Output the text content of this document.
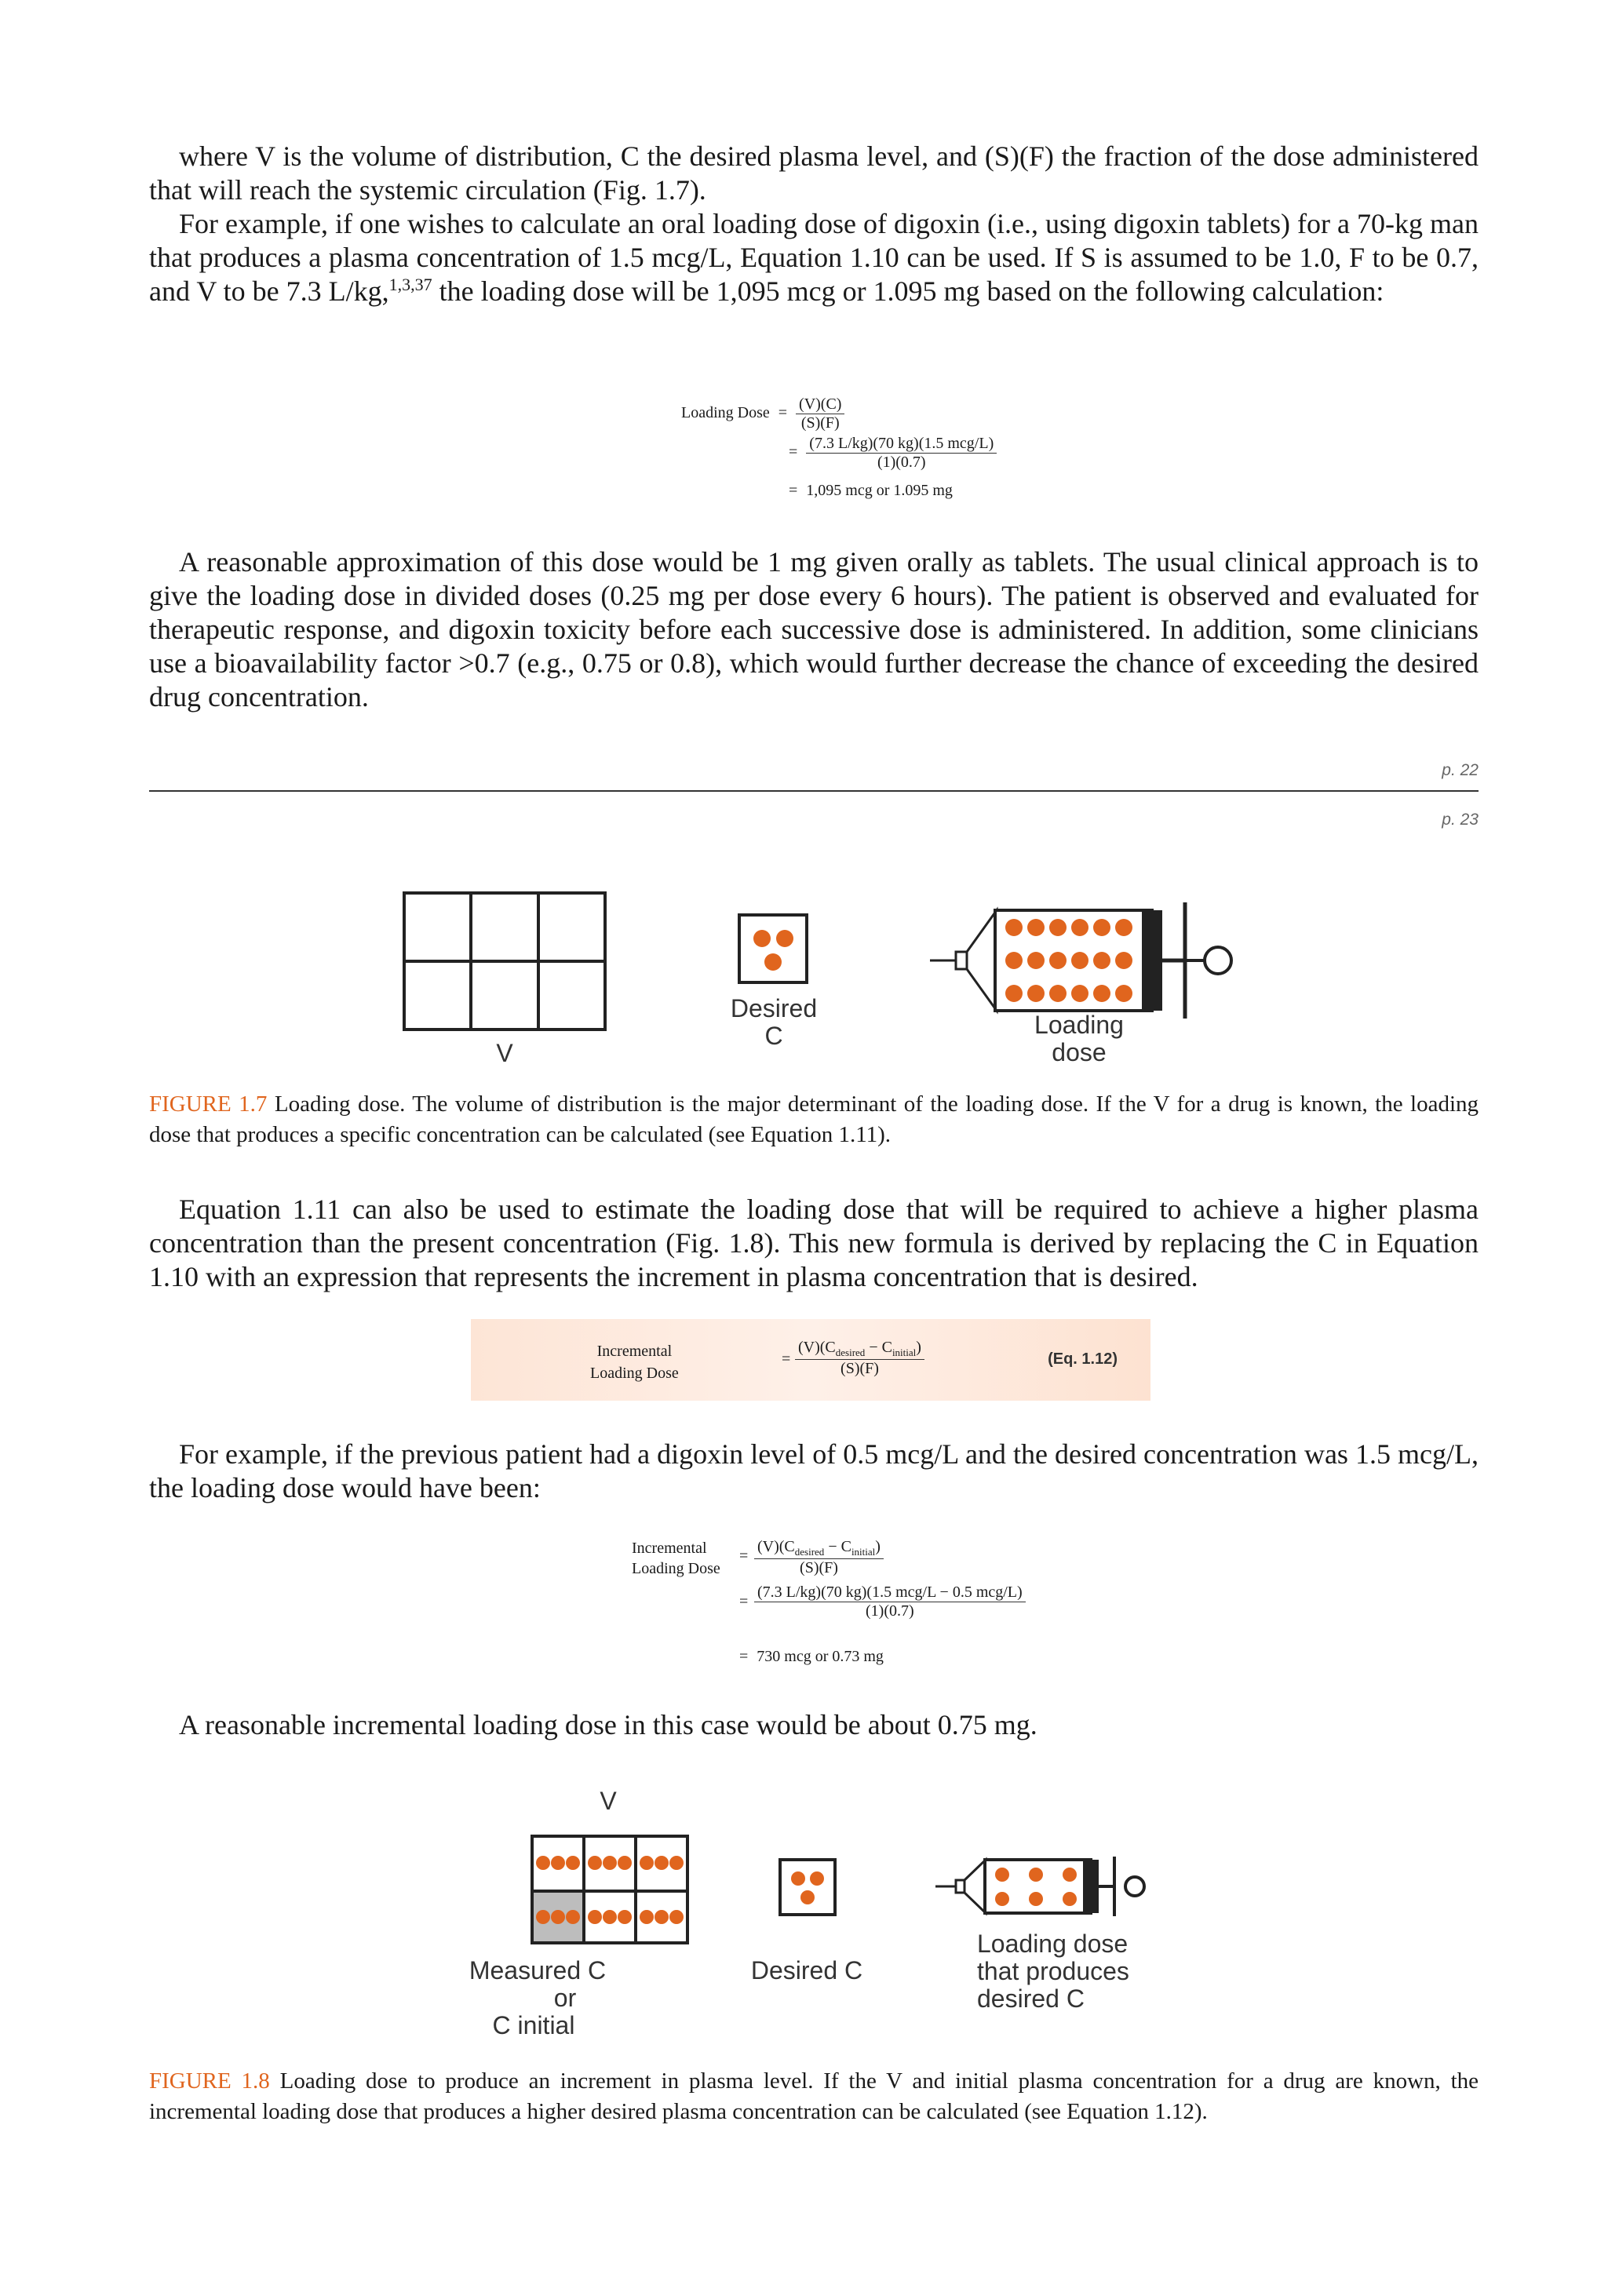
where V is the volume of distribution, C the desired plasma level, and (S)(F) the fraction of the dose administered that will reach the systemic circulation (Fig. 1.7).

For example, if one wishes to calculate an oral loading dose of digoxin (i.e., using digoxin tablets) for a 70-kg man that produces a plasma concentration of 1.5 mcg/L, Equation 1.10 can be used. If S is assumed to be 1.0, F to be 0.7, and V to be 7.3 L/kg,$^{1,3,37}$ the loading dose will be 1,095 mcg or 1.095 mg based on the following calculation:

Loading Dose = $\frac{(V)(C)}{(S)(F)}$
= $\frac{\text{(7.3 L/kg)(70 kg)(1.5 mcg/L)}}{(1)(0.7)}$
= 1,095 mcg or 1.095 mg

A reasonable approximation of this dose would be 1 mg given orally as tablets. The usual clinical approach is to give the loading dose in divided doses (0.25 mg per dose every 6 hours). The patient is observed and evaluated for therapeutic response, and digoxin toxicity before each successive dose is administered. In addition, some clinicians use a bioavailability factor >0.7 (e.g., 0.75 or 0.8), which would further decrease the chance of exceeding the desired drug concentration.

p. 22
p. 23
V
Desired
C	Loading
dose
FIGURE 1.7 Loading dose. The volume of distribution is the major determinant of the loading dose. If the V for a drug is known, the loading dose that produces a specific concentration can be calculated (see Equation 1.11).

Equation 1.11 can also be used to estimate the loading dose that will be required to achieve a higher plasma concentration than the present concentration (Fig. 1.8). This new formula is derived by replacing the C in Equation 1.10 with an expression that represents the increment in plasma concentration that is desired.

Incremental
Loading Dose
=
$(V)(C_{desired} - C_{initial})$
(S)(F)
(Eq. 1.12)

For example, if the previous patient had a digoxin level of 0.5 mcg/L and the desired concentration was 1.5 mcg/L, the loading dose would have been:

Incremental
Loading Dose
=
$(V)(C_{desired} - C_{initial})$
(S)(F)
=
(7.3 L/kg)(70 kg)(1.5 mcg/L − 0.5 mcg/L)
(1)(0.7)
= 730 mcg or 0.73 mg

A reasonable incremental loading dose in this case would be about 0.75 mg.

V
Measured C
or
C initial
Desired C
Loading dose
that produces
desired C
FIGURE 1.8 Loading dose to produce an increment in plasma level. If the V and initial plasma concentration for a drug are known, the incremental loading dose that produces a higher desired plasma concentration can be calculated (see Equation 1.12).
